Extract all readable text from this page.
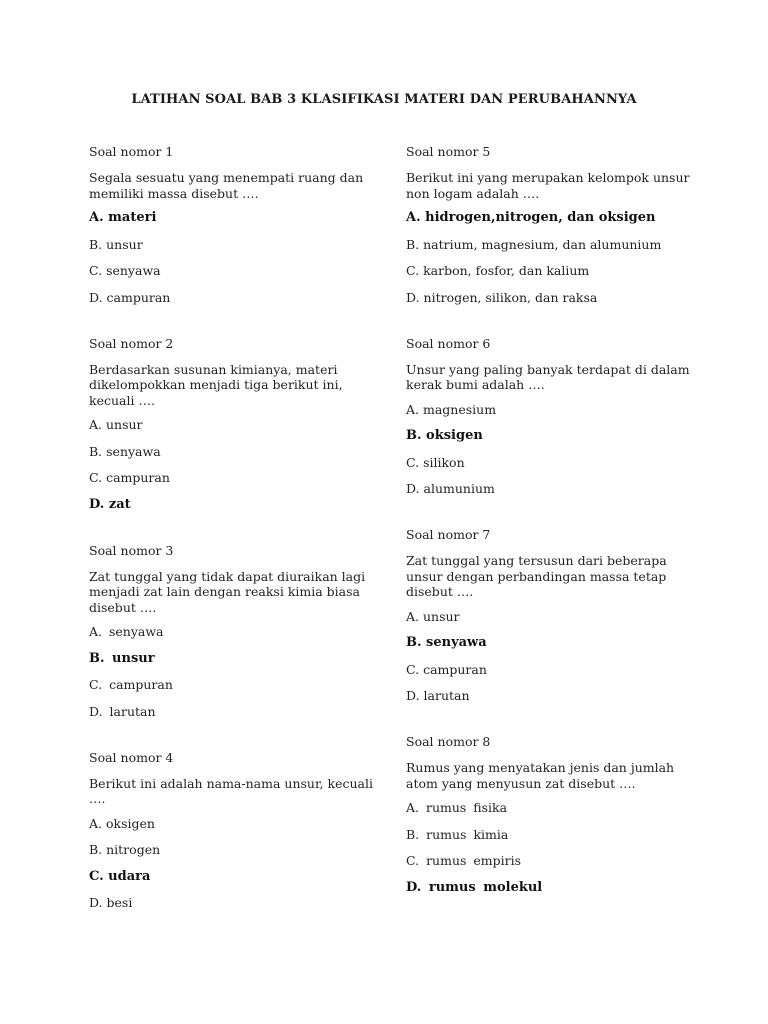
LATIHAN SOAL BAB 3 KLASIFIKASI MATERI DAN PERUBAHANNYA
Soal nomor 1
Segala sesuatu yang menempati ruang dan memiliki massa disebut ….
A. materi
B. unsur
C. senyawa
D. campuran
Soal nomor 2
Berdasarkan susunan kimianya, materi dikelompokkan menjadi tiga berikut ini, kecuali ….
A. unsur
B. senyawa
C. campuran
D. zat
Soal nomor 3
Zat tunggal yang tidak dapat diuraikan lagi menjadi zat lain dengan reaksi kimia biasa disebut ….
A. senyawa
B. unsur
C. campuran
D. larutan
Soal nomor 4
Berikut ini adalah nama-nama unsur, kecuali ….
A. oksigen
B. nitrogen
C. udara
D. besi
Soal nomor 5
Berikut ini yang merupakan kelompok unsur non logam adalah ….
A. hidrogen,nitrogen, dan oksigen
B. natrium, magnesium, dan alumunium
C. karbon, fosfor, dan kalium
D. nitrogen, silikon, dan raksa
Soal nomor 6
Unsur yang paling banyak terdapat di dalam kerak bumi adalah ….
A. magnesium
B. oksigen
C. silikon
D. alumunium
Soal nomor 7
Zat tunggal yang tersusun dari beberapa unsur dengan perbandingan massa tetap disebut ….
A. unsur
B. senyawa
C. campuran
D. larutan
Soal nomor 8
Rumus yang menyatakan jenis dan jumlah atom yang menyusun zat disebut ….
A. rumus fisika
B. rumus kimia
C. rumus empiris
D. rumus molekul
